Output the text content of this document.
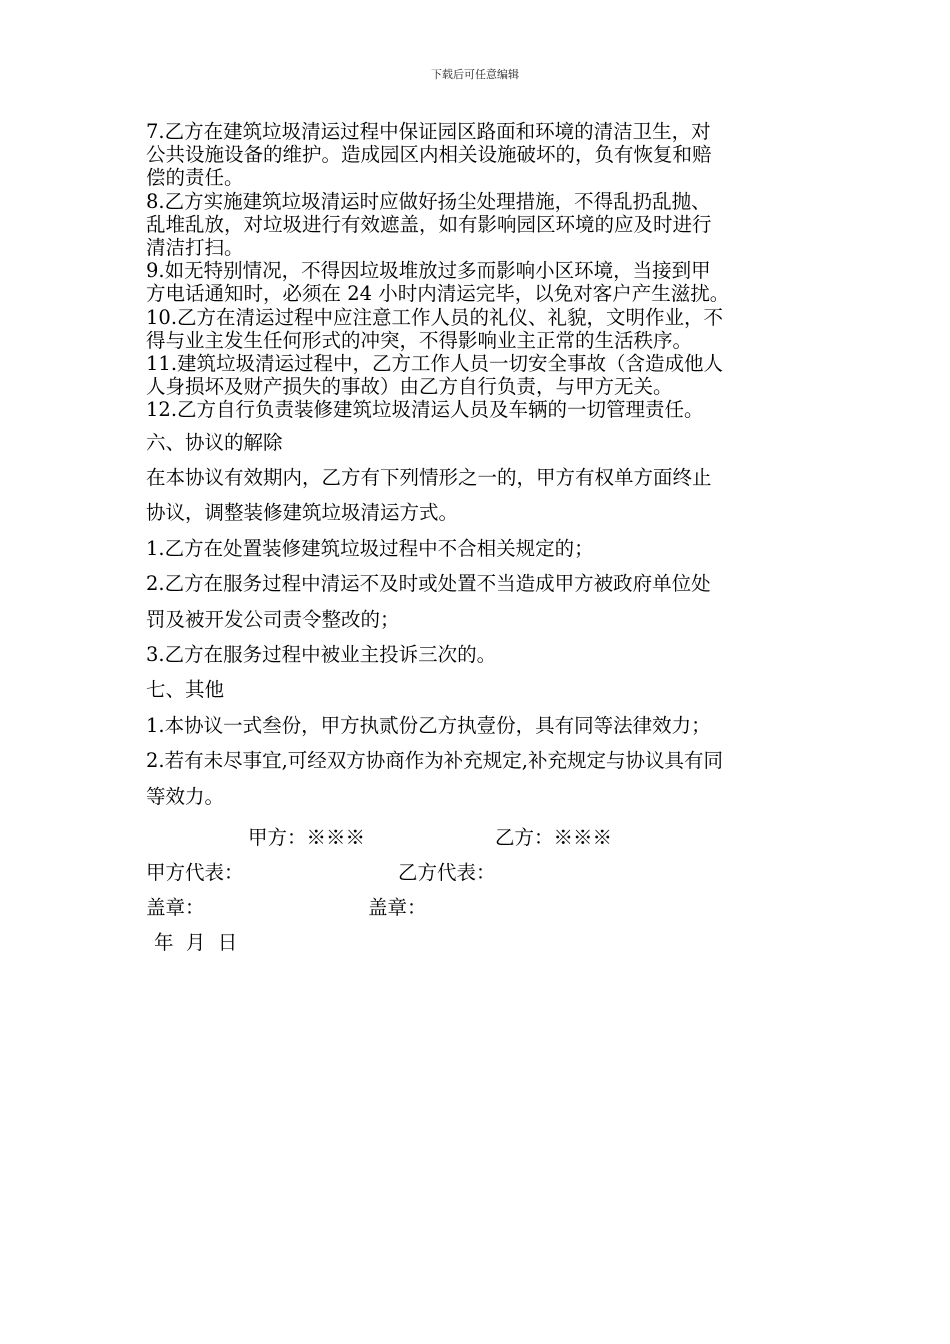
下载后可任意编辑

7.乙方在建筑垃圾清运过程中保证园区路面和环境的清洁卫生，对

公共设施设备的维护。造成园区内相关设施破坏的，负有恢复和赔

偿的责任。

8.乙方实施建筑垃圾清运时应做好扬尘处理措施，不得乱扔乱抛、

乱堆乱放，对垃圾进行有效遮盖，如有影响园区环境的应及时进行

清洁打扫。

9.如无特别情况，不得因垃圾堆放过多而影响小区环境，当接到甲

方电话通知时，必须在 24 小时内清运完毕，以免对客户产生滋扰。

10.乙方在清运过程中应注意工作人员的礼仪、礼貌，文明作业，不

得与业主发生任何形式的冲突，不得影响业主正常的生活秩序。

11.建筑垃圾清运过程中，乙方工作人员一切安全事故（含造成他人

人身损坏及财产损失的事故）由乙方自行负责，与甲方无关。

12.乙方自行负责装修建筑垃圾清运人员及车辆的一切管理责任。

六、协议的解除

在本协议有效期内，乙方有下列情形之一的，甲方有权单方面终止

协议，调整装修建筑垃圾清运方式。

1.乙方在处置装修建筑垃圾过程中不合相关规定的；

2.乙方在服务过程中清运不及时或处置不当造成甲方被政府单位处

罚及被开发公司责令整改的；

3.乙方在服务过程中被业主投诉三次的。

七、其他

1.本协议一式叁份，甲方执贰份乙方执壹份，具有同等法律效力；

2.若有未尽事宜,可经双方协商作为补充规定,补充规定与协议具有同

等效力。

甲方：※※※	乙方：※※※
甲方代表：	乙方代表：
盖章：	盖章：
年  月  日
